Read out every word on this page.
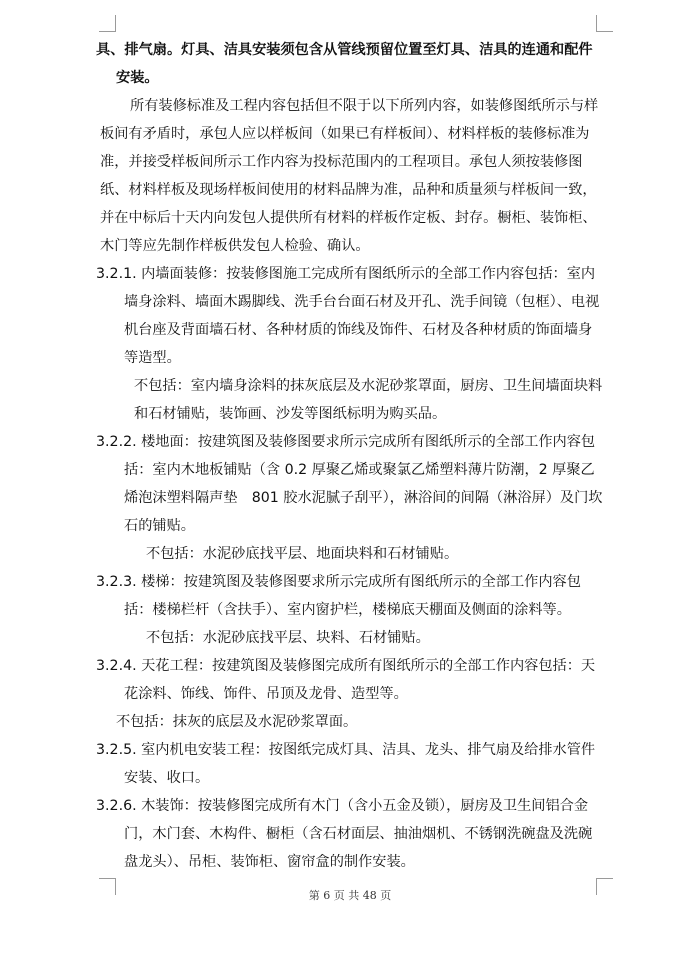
具、排气扇。灯具、洁具安装须包含从管线预留位置至灯具、洁具的连通和配件安装。

所有装修标准及工程内容包括但不限于以下所列内容，如装修图纸所示与样板间有矛盾时，承包人应以样板间（如果已有样板间）、材料样板的装修标准为准，并接受样板间所示工作内容为投标范围内的工程项目。承包人须按装修图纸、材料样板及现场样板间使用的材料品牌为准，品种和质量须与样板间一致，并在中标后十天内向发包人提供所有材料的样板作定板、封存。橱柜、装饰柜、木门等应先制作样板供发包人检验、确认。

3.2.1. 内墙面装修：按装修图施工完成所有图纸所示的全部工作内容包括：室内墙身涂料、墙面木踢脚线、洗手台台面石材及开孔、洗手间镜（包框）、电视机台座及背面墙石材、各种材质的饰线及饰件、石材及各种材质的饰面墙身等造型。

不包括：室内墙身涂料的抹灰底层及水泥砂浆罩面，厨房、卫生间墙面块料和石材铺贴，装饰画、沙发等图纸标明为购买品。

3.2.2. 楼地面：按建筑图及装修图要求所示完成所有图纸所示的全部工作内容包括：室内木地板铺贴（含 0.2 厚聚乙烯或聚氯乙烯塑料薄片防潮，2 厚聚乙烯泡沫塑料隔声垫　801 胶水泥腻子刮平），淋浴间的间隔（淋浴屏）及门坎石的铺贴。

不包括：水泥砂底找平层、地面块料和石材铺贴。

3.2.3. 楼梯：按建筑图及装修图要求所示完成所有图纸所示的全部工作内容包括：楼梯栏杆（含扶手）、室内窗护栏，楼梯底天棚面及侧面的涂料等。

不包括：水泥砂底找平层、块料、石材铺贴。

3.2.4. 天花工程：按建筑图及装修图完成所有图纸所示的全部工作内容包括：天花涂料、饰线、饰件、吊顶及龙骨、造型等。

不包括：抹灰的底层及水泥砂浆罩面。

3.2.5. 室内机电安装工程：按图纸完成灯具、洁具、龙头、排气扇及给排水管件安装、收口。

3.2.6. 木装饰：按装修图完成所有木门（含小五金及锁），厨房及卫生间铝合金门，木门套、木构件、橱柜（含石材面层、抽油烟机、不锈钢洗碗盘及洗碗盘龙头）、吊柜、装饰柜、窗帘盒的制作安装。

第 6 页 共 48 页
